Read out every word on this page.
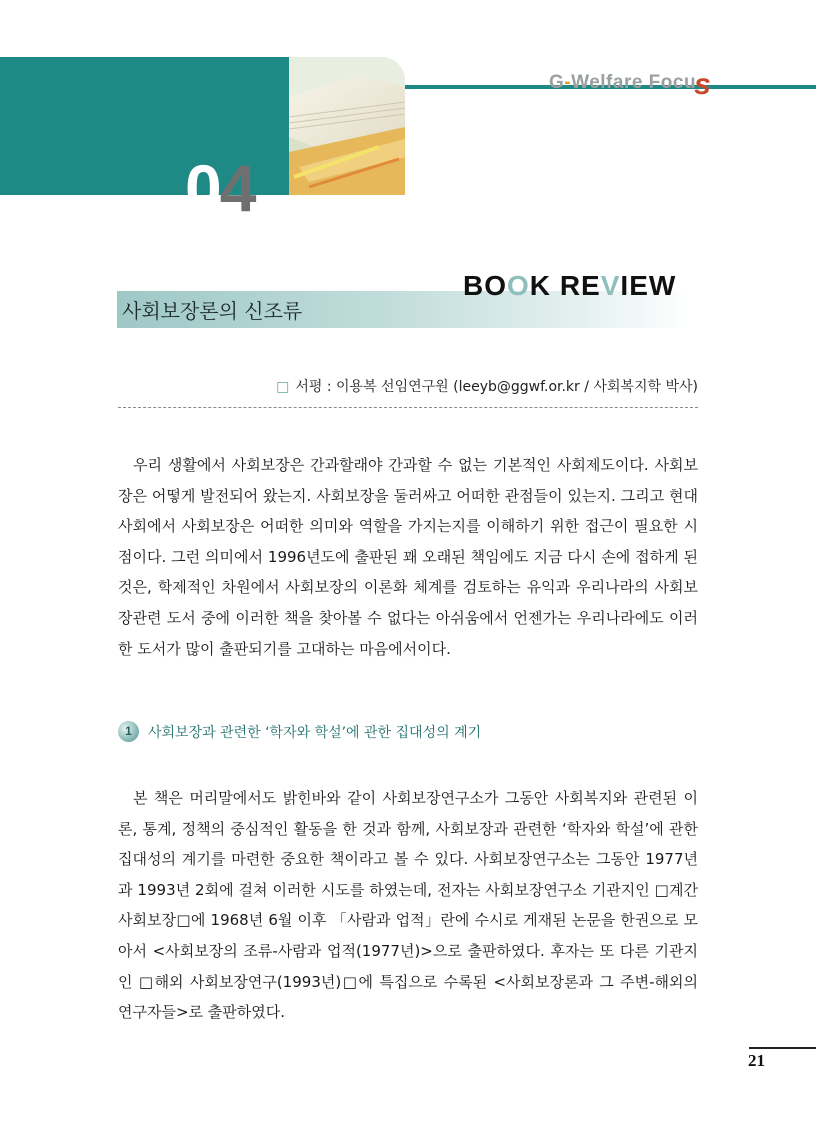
G-Welfare Focus
04
사회보장론의 신조류
BOOK REVIEW
□ 서평 : 이용복 선임연구원 (leeyb@ggwf.or.kr / 사회복지학 박사)

우리 생활에서 사회보장은 간과할래야 간과할 수 없는 기본적인 사회제도이다. 사회보장은 어떻게 발전되어 왔는지. 사회보장을 둘러싸고 어떠한 관점들이 있는지. 그리고 현대 사회에서 사회보장은 어떠한 의미와 역할을 가지는지를 이해하기 위한 접근이 필요한 시점이다. 그런 의미에서 1996년도에 출판된 꽤 오래된 책임에도 지금 다시 손에 접하게 된 것은, 학제적인 차원에서 사회보장의 이론화 체계를 검토하는 유익과 우리나라의 사회보장관련 도서 중에 이러한 책을 찾아볼 수 없다는 아쉬움에서 언젠가는 우리나라에도 이러한 도서가 많이 출판되기를 고대하는 마음에서이다.

1	사회보장과 관련한 ‘학자와 학설’에 관한 집대성의 계기

본 책은 머리말에서도 밝힌바와 같이 사회보장연구소가 그동안 사회복지와 관련된 이론, 통계, 정책의 중심적인 활동을 한 것과 함께, 사회보장과 관련한 ‘학자와 학설’에 관한 집대성의 계기를 마련한 중요한 책이라고 볼 수 있다. 사회보장연구소는 그동안 1977년과 1993년 2회에 걸쳐 이러한 시도를 하였는데, 전자는 사회보장연구소 기관지인 □계간 사회보장□에 1968년 6월 이후 「사람과 업적」란에 수시로 게재된 논문을 한권으로 모아서 <사회보장의 조류-사람과 업적(1977년)>으로 출판하였다. 후자는 또 다른 기관지인 □해외 사회보장연구(1993년)□에 특집으로 수록된 <사회보장론과 그 주변-해외의 연구자들>로 출판하였다.

21
